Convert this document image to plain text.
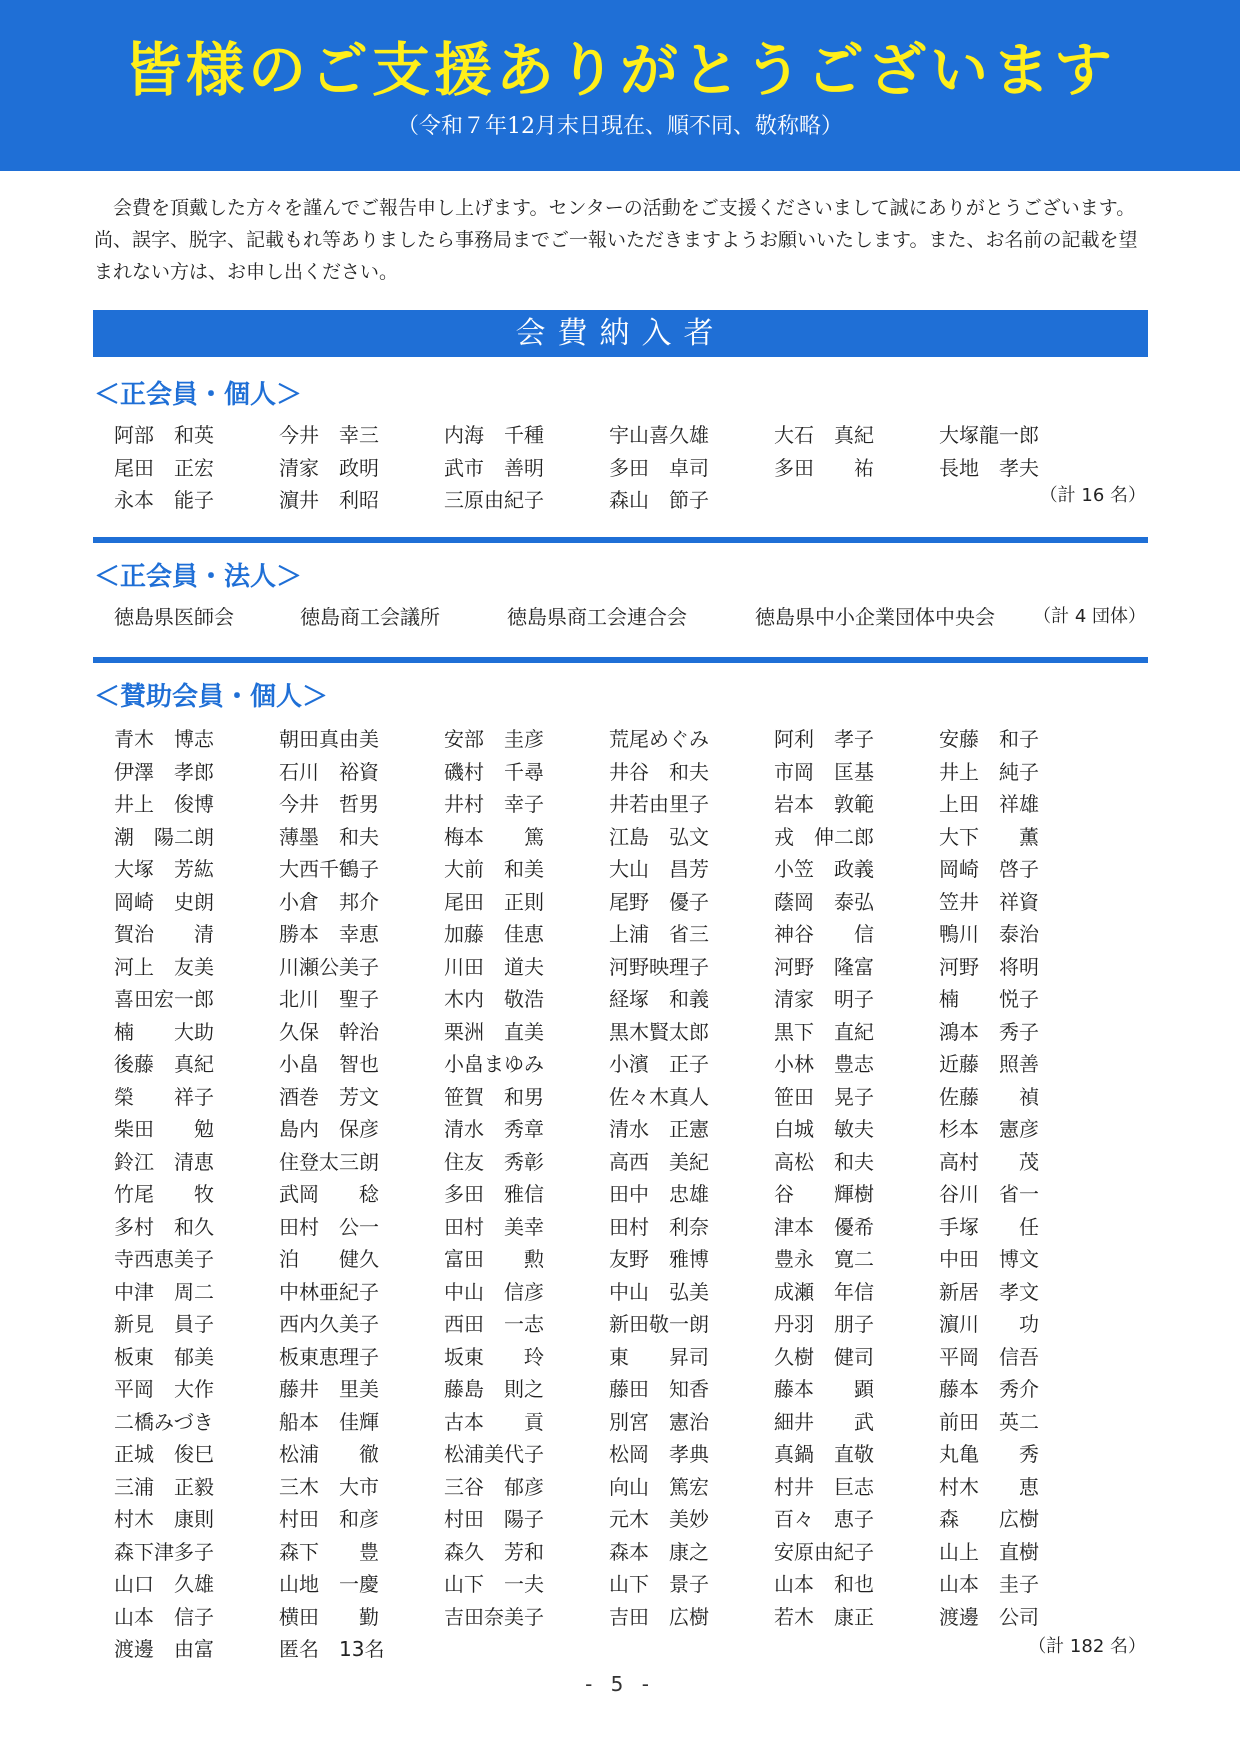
皆様のご支援ありがとうございます
（令和７年12月末日現在、順不同、敬称略）

会費を頂戴した方々を謹んでご報告申し上げます。センターの活動をご支援くださいまして誠にありがとうございます。尚、誤字、脱字、記載もれ等ありましたら事務局までご一報いただきますようお願いいたします。また、お名前の記載を望まれない方は、お申し出ください。

会費納入者
＜正会員・個人＞
阿部　和英	今井　幸三	内海　千種	宇山喜久雄	大石　真紀	大塚龍一郎
尾田　正宏	清家　政明	武市　善明	多田　卓司	多田　　祐	長地　孝夫
永本　能子	濵井　利昭	三原由紀子	森山　節子	（計 16 名）
＜正会員・法人＞
徳島県医師会	徳島商工会議所	徳島県商工会連合会	徳島県中小企業団体中央会 （計 4 団体）
＜賛助会員・個人＞
青木　博志	朝田真由美	安部　圭彦	荒尾めぐみ	阿利　孝子	安藤　和子
伊澤　孝郎	石川　裕資	磯村　千尋	井谷　和夫	市岡　匡基	井上　純子
井上　俊博	今井　哲男	井村　幸子	井若由里子	岩本　敦範	上田　祥雄
潮　陽二朗	薄墨　和夫	梅本　　篤	江島　弘文	戎　伸二郎	大下　　薫
大塚　芳紘	大西千鶴子	大前　和美	大山　昌芳	小笠　政義	岡崎　啓子
岡崎　史朗	小倉　邦介	尾田　正則	尾野　優子	蔭岡　泰弘	笠井　祥資
賀治　　清	勝本　幸恵	加藤　佳恵	上浦　省三	神谷　　信	鴨川　泰治
河上　友美	川瀬公美子	川田　道夫	河野映理子	河野　隆富	河野　将明
喜田宏一郎	北川　聖子	木内　敬浩	経塚　和義	清家　明子	楠　　悦子
楠　　大助	久保　幹治	栗洲　直美	黒木賢太郎	黒下　直紀	鴻本　秀子
後藤　真紀	小畠　智也	小畠まゆみ	小濱　正子	小林　豊志	近藤　照善
榮　　祥子	酒巻　芳文	笹賀　和男	佐々木真人	笹田　晃子	佐藤　　禎
柴田　　勉	島内　保彦	清水　秀章	清水　正憲	白城　敏夫	杉本　憲彦
鈴江　清恵	住登太三朗	住友　秀彰	高西　美紀	高松　和夫	高村　　茂
竹尾　　牧	武岡　　稔	多田　雅信	田中　忠雄	谷　　輝樹	谷川　省一
多村　和久	田村　公一	田村　美幸	田村　利奈	津本　優希	手塚　　任
寺西恵美子	泊　　健久	富田　　勲	友野　雅博	豊永　寛二	中田　博文
中津　周二	中林亜紀子	中山　信彦	中山　弘美	成瀬　年信	新居　孝文
新見　員子	西内久美子	西田　一志	新田敬一朗	丹羽　朋子	濵川　　功
板東　郁美	板東恵理子	坂東　　玲	東　　昇司	久樹　健司	平岡　信吾
平岡　大作	藤井　里美	藤島　則之	藤田　知香	藤本　　顕	藤本　秀介
二橋みづき	船本　佳輝	古本　　貢	別宮　憲治	細井　　武	前田　英二
正城　俊巳	松浦　　徹	松浦美代子	松岡　孝典	真鍋　直敬	丸亀　　秀
三浦　正毅	三木　大市	三谷　郁彦	向山　篤宏	村井　巨志	村木　　恵
村木　康則	村田　和彦	村田　陽子	元木　美妙	百々　恵子	森　　広樹
森下津多子	森下　　豊	森久　芳和	森本　康之	安原由紀子	山上　直樹
山口　久雄	山地　一慶	山下　一夫	山下　景子	山本　和也	山本　圭子
山本　信子	横田　　勤	吉田奈美子	吉田　広樹	若木　康正	渡邊　公司
渡邊　由富	匿名　13名	（計 182 名）
- 5 -
